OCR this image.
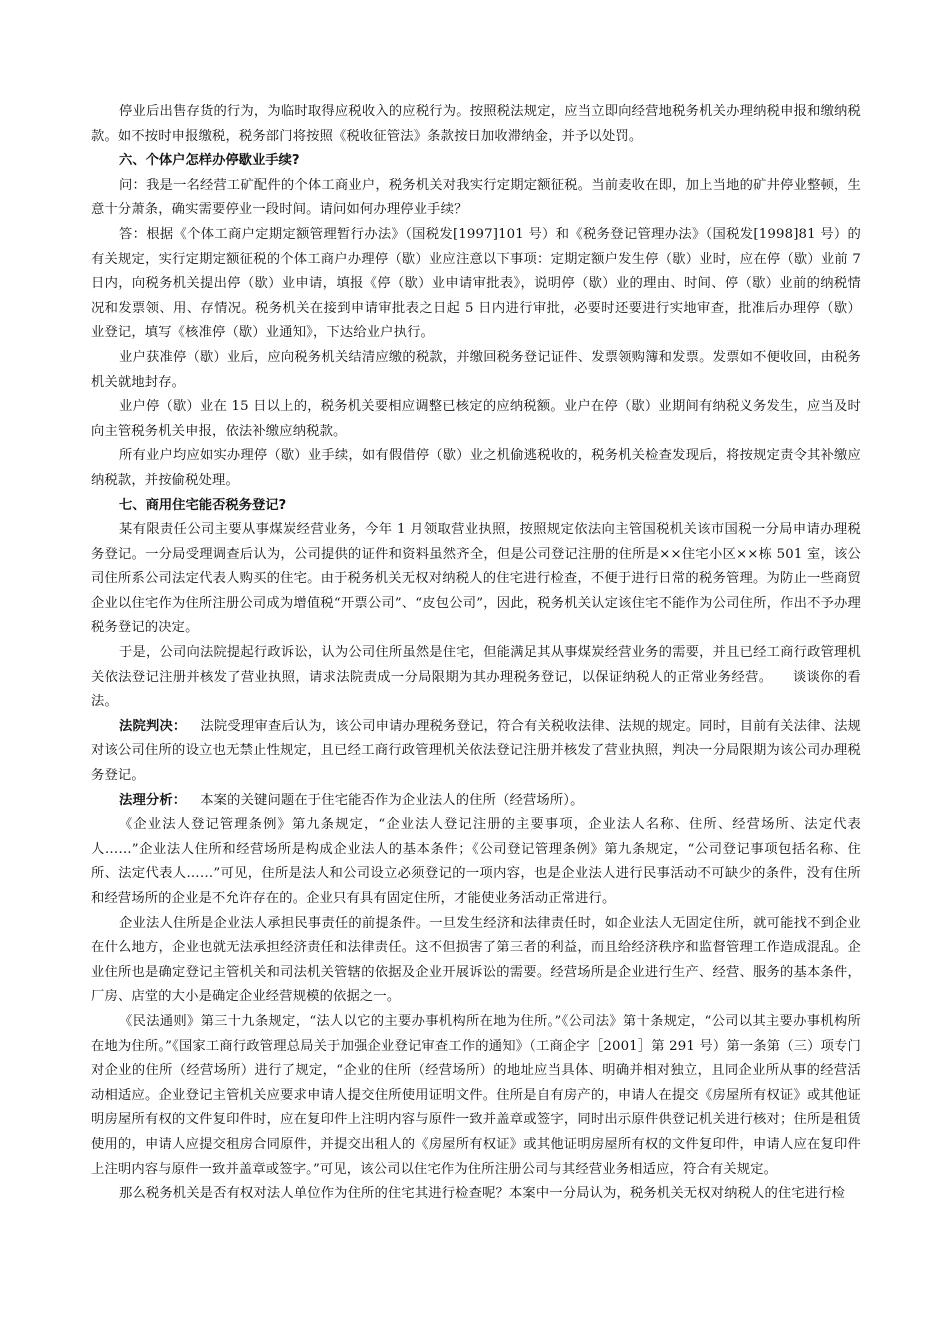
停业后出售存货的行为，为临时取得应税收入的应税行为。按照税法规定，应当立即向经营地税务机关办理纳税申报和缴纳税款。如不按时申报缴税，税务部门将按照《税收征管法》条款按日加收滞纳金，并予以处罚。

六、个体户怎样办停歇业手续?

问：我是一名经营工矿配件的个体工商业户，税务机关对我实行定期定额征税。当前麦收在即，加上当地的矿井停业整顿，生意十分萧条，确实需要停业一段时间。请问如何办理停业手续？

答：根据《个体工商户定期定额管理暂行办法》（国税发[1997]101 号）和《税务登记管理办法》（国税发[1998]81 号）的有关规定，实行定期定额征税的个体工商户办理停（歇）业应注意以下事项：定期定额户发生停（歇）业时，应在停（歇）业前 7 日内，向税务机关提出停（歇）业申请，填报《停（歇）业申请审批表》，说明停（歇）业的理由、时间、停（歇）业前的纳税情况和发票领、用、存情况。税务机关在接到申请审批表之日起 5 日内进行审批，必要时还要进行实地审查，批准后办理停（歇）业登记，填写《核准停（歇）业通知》，下达给业户执行。

业户获准停（歇）业后，应向税务机关结清应缴的税款，并缴回税务登记证件、发票领购簿和发票。发票如不便收回，由税务机关就地封存。

业户停（歇）业在 15 日以上的，税务机关要相应调整已核定的应纳税额。业户在停（歇）业期间有纳税义务发生，应当及时向主管税务机关申报，依法补缴应纳税款。

所有业户均应如实办理停（歇）业手续，如有假借停（歇）业之机偷逃税收的，税务机关检查发现后，将按规定责令其补缴应纳税款，并按偷税处理。

七、商用住宅能否税务登记?

某有限责任公司主要从事煤炭经营业务，今年 1 月领取营业执照，按照规定依法向主管国税机关该市国税一分局申请办理税务登记。一分局受理调查后认为，公司提供的证件和资料虽然齐全，但是公司登记注册的住所是××住宅小区××栋 501 室，该公司住所系公司法定代表人购买的住宅。由于税务机关无权对纳税人的住宅进行检查，不便于进行日常的税务管理。为防止一些商贸企业以住宅作为住所注册公司成为增值税“开票公司”、“皮包公司”，因此，税务机关认定该住宅不能作为公司住所，作出不予办理税务登记的决定。

于是，公司向法院提起行政诉讼，认为公司住所虽然是住宅，但能满足其从事煤炭经营业务的需要，并且已经工商行政管理机关依法登记注册并核发了营业执照，请求法院责成一分局限期为其办理税务登记，以保证纳税人的正常业务经营。　　谈谈你的看法。

法院判决： 法院受理审查后认为，该公司申请办理税务登记，符合有关税收法律、法规的规定。同时，目前有关法律、法规对该公司住所的设立也无禁止性规定，且已经工商行政管理机关依法登记注册并核发了营业执照，判决一分局限期为该公司办理税务登记。

法理分析： 本案的关键问题在于住宅能否作为企业法人的住所（经营场所）。

《企业法人登记管理条例》第九条规定，“企业法人登记注册的主要事项，企业法人名称、住所、经营场所、法定代表人……”企业法人住所和经营场所是构成企业法人的基本条件；《公司登记管理条例》第九条规定，“公司登记事项包括名称、住所、法定代表人……”可见，住所是法人和公司设立必须登记的一项内容，也是企业法人进行民事活动不可缺少的条件，没有住所和经营场所的企业是不允许存在的。企业只有具有固定住所，才能使业务活动正常进行。

企业法人住所是企业法人承担民事责任的前提条件。一旦发生经济和法律责任时，如企业法人无固定住所，就可能找不到企业在什么地方，企业也就无法承担经济责任和法律责任。这不但损害了第三者的利益，而且给经济秩序和监督管理工作造成混乱。企业住所也是确定登记主管机关和司法机关管辖的依据及企业开展诉讼的需要。经营场所是企业进行生产、经营、服务的基本条件，厂房、店堂的大小是确定企业经营规模的依据之一。

《民法通则》第三十九条规定，“法人以它的主要办事机构所在地为住所。”《公司法》第十条规定，“公司以其主要办事机构所在地为住所。”《国家工商行政管理总局关于加强企业登记审查工作的通知》（工商企字［2001］第 291 号）第一条第（三）项专门对企业的住所（经营场所）进行了规定，“企业的住所（经营场所）的地址应当具体、明确并相对独立，且同企业所从事的经营活动相适应。企业登记主管机关应要求申请人提交住所使用证明文件。住所是自有房产的，申请人在提交《房屋所有权证》或其他证明房屋所有权的文件复印件时，应在复印件上注明内容与原件一致并盖章或签字，同时出示原件供登记机关进行核对；住所是租赁使用的，申请人应提交租房合同原件，并提交出租人的《房屋所有权证》或其他证明房屋所有权的文件复印件，申请人应在复印件上注明内容与原件一致并盖章或签字。”可见，该公司以住宅作为住所注册公司与其经营业务相适应，符合有关规定。

那么税务机关是否有权对法人单位作为住所的住宅其进行检查呢？本案中一分局认为，税务机关无权对纳税人的住宅进行检
